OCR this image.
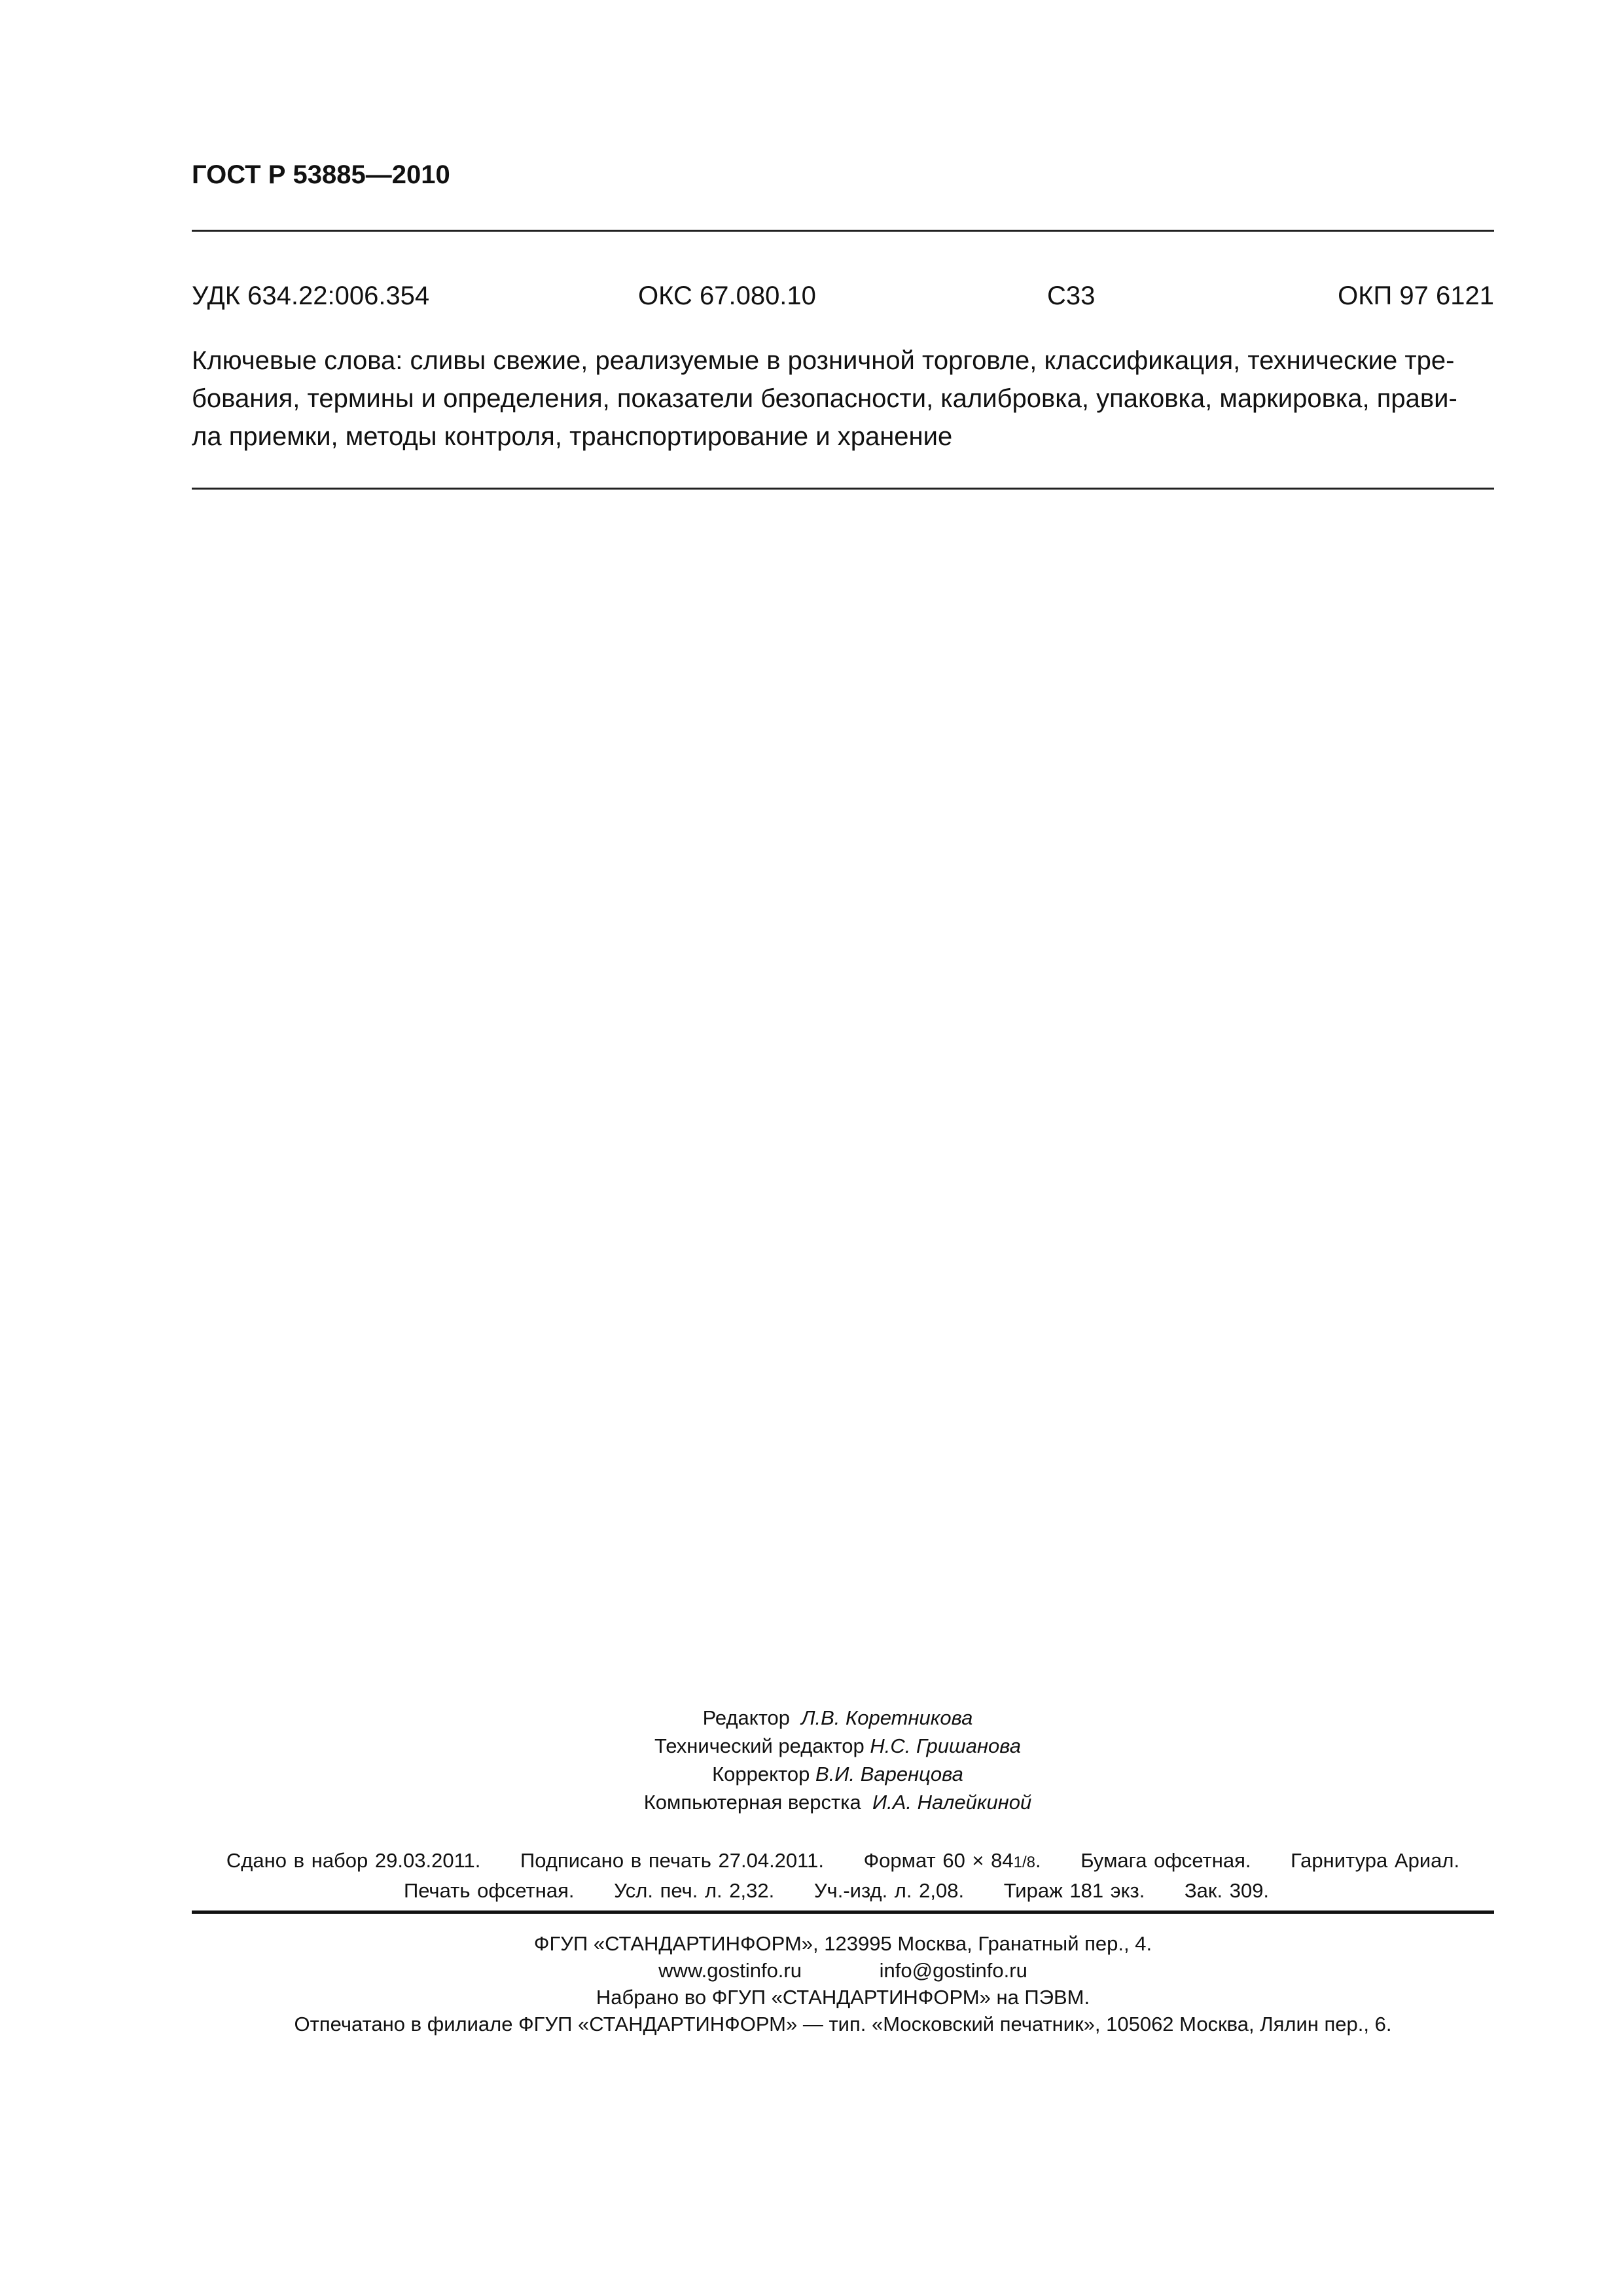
ГОСТ Р 53885—2010
УДК 634.22:006.354	ОКС 67.080.10	С33	ОКП 97 6121
Ключевые слова: сливы свежие, реализуемые в розничной торговле, классификация, технические тре-
бования, термины и определения, показатели безопасности, калибровка, упаковка, маркировка, прави-
ла приемки, методы контроля, транспортирование и хранение
Редактор Л.В. Коретникова
Технический редактор Н.С. Гришанова
Корректор В.И. Варенцова
Компьютерная верстка И.А. Налейкиной
Сдано в набор 29.03.2011. Подписано в печать 27.04.2011. Формат 60 × 841/8. Бумага офсетная. Гарнитура Ариал.
Печать офсетная. Усл. печ. л. 2,32. Уч.-изд. л. 2,08. Тираж 181 экз. Зак. 309.
ФГУП «СТАНДАРТИНФОРМ», 123995 Москва, Гранатный пер., 4.
www.gostinfo.ru	info@gostinfo.ru
Набрано во ФГУП «СТАНДАРТИНФОРМ» на ПЭВМ.
Отпечатано в филиале ФГУП «СТАНДАРТИНФОРМ» — тип. «Московский печатник», 105062 Москва, Лялин пер., 6.
